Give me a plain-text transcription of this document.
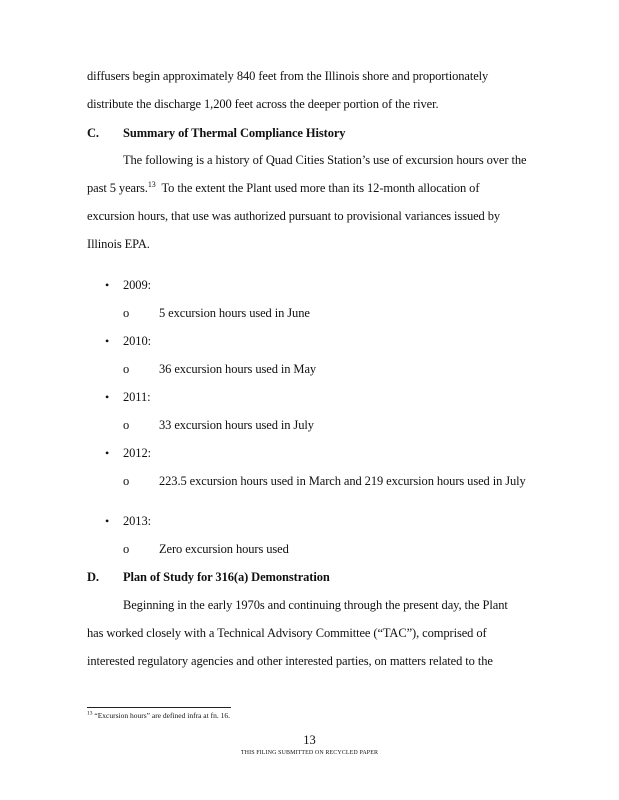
diffusers begin approximately 840 feet from the Illinois shore and proportionately
distribute the discharge 1,200 feet across the deeper portion of the river.
C. Summary of Thermal Compliance History
The following is a history of Quad Cities Station’s use of excursion hours over the
past 5 years.$^{13}$  To the extent the Plant used more than its 12-month allocation of
excursion hours, that use was authorized pursuant to provisional variances issued by
Illinois EPA.
• 2009:
o 5 excursion hours used in June
• 2010:
o 36 excursion hours used in May
• 2011:
o 33 excursion hours used in July
• 2012:
o 223.5 excursion hours used in March and 219 excursion hours used in July
• 2013:
o Zero excursion hours used
D. Plan of Study for 316(a) Demonstration
Beginning in the early 1970s and continuing through the present day, the Plant
has worked closely with a Technical Advisory Committee (“TAC”), comprised of
interested regulatory agencies and other interested parties, on matters related to the
$^{13}$ “Excursion hours” are defined infra at fn. 16.
13
THIS FILING SUBMITTED ON RECYCLED PAPER
